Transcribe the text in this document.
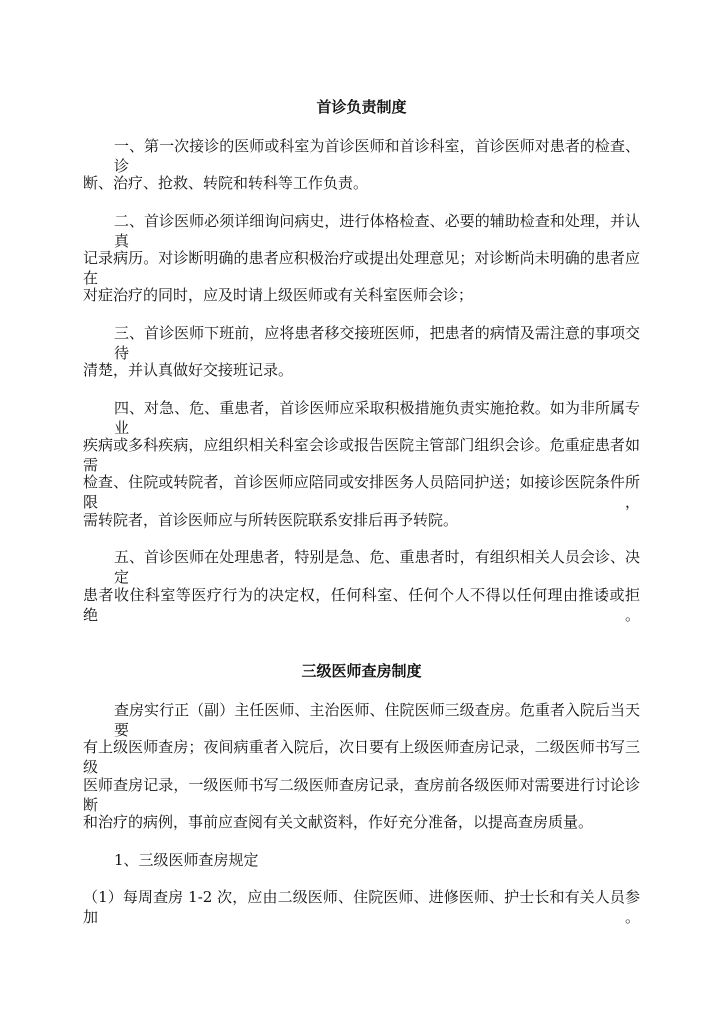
首诊负责制度
一、第一次接诊的医师或科室为首诊医师和首诊科室，首诊医师对患者的检查、诊
断、治疗、抢救、转院和转科等工作负责。
二、首诊医师必须详细询问病史，进行体格检查、必要的辅助检查和处理，并认真
记录病历。对诊断明确的患者应积极治疗或提出处理意见；对诊断尚未明确的患者应在
对症治疗的同时，应及时请上级医师或有关科室医师会诊；
三、首诊医师下班前，应将患者移交接班医师，把患者的病情及需注意的事项交待
清楚，并认真做好交接班记录。
四、对急、危、重患者，首诊医师应采取积极措施负责实施抢救。如为非所属专业
疾病或多科疾病，应组织相关科室会诊或报告医院主管部门组织会诊。危重症患者如需
检查、住院或转院者，首诊医师应陪同或安排医务人员陪同护送；如接诊医院条件所限，
需转院者，首诊医师应与所转医院联系安排后再予转院。
五、首诊医师在处理患者，特别是急、危、重患者时，有组织相关人员会诊、决定
患者收住科室等医疗行为的决定权，任何科室、任何个人不得以任何理由推诿或拒绝。
三级医师查房制度
查房实行正（副）主任医师、主治医师、住院医师三级查房。危重者入院后当天要
有上级医师查房；夜间病重者入院后，次日要有上级医师查房记录，二级医师书写三级
医师查房记录，一级医师书写二级医师查房记录，查房前各级医师对需要进行讨论诊断
和治疗的病例，事前应查阅有关文献资料，作好充分准备，以提高查房质量。
1、三级医师查房规定
（1）每周查房 1-2 次，应由二级医师、住院医师、进修医师、护士长和有关人员参加。
